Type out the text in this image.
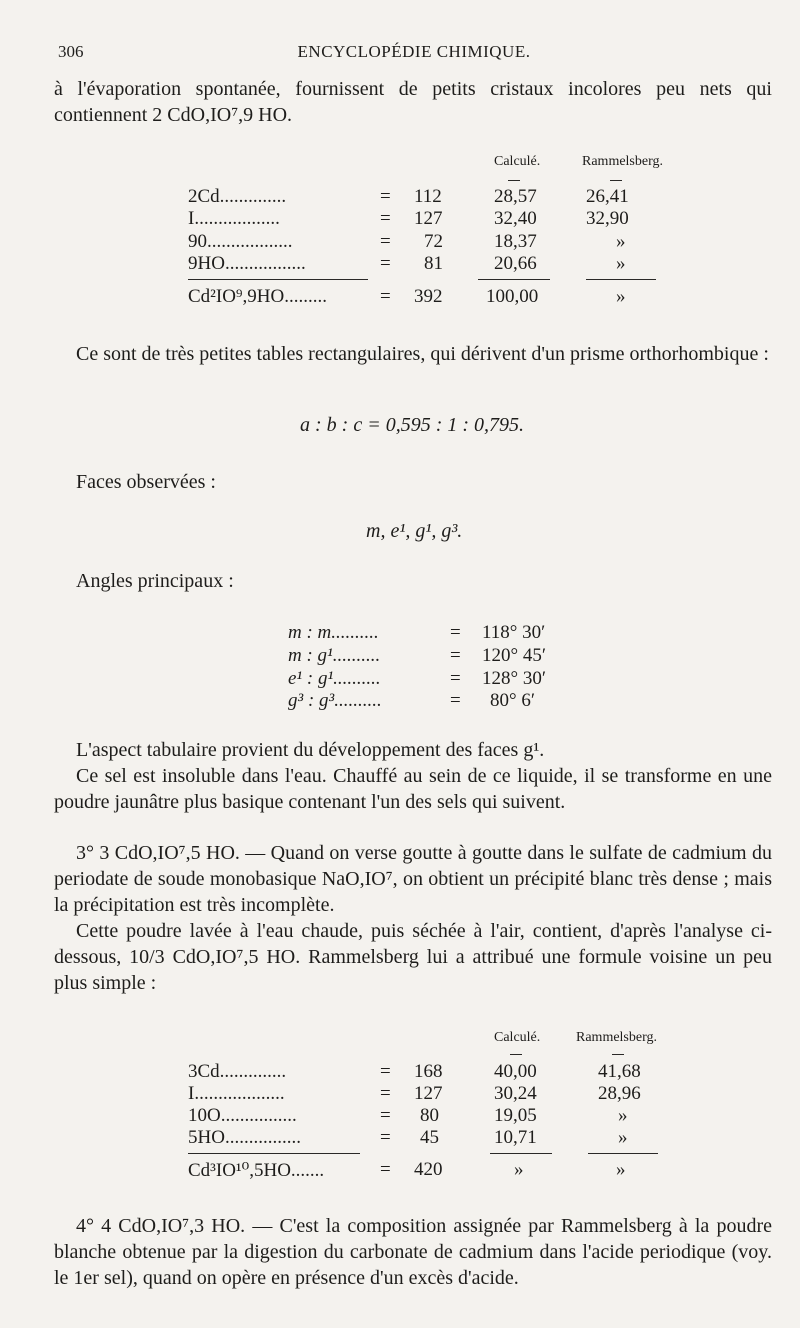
306	ENCYCLOPÉDIE CHIMIQUE.
à l'évaporation spontanée, fournissent de petits cristaux incolores peu nets qui contiennent 2 CdO,IO⁷,9 HO.
Calculé.	Rammelsberg.
2Cd..............	= 112	28,57	26,41
I..................	= 127	32,40	32,90
90..................	= 72	18,37	»
9HO.................	= 81	20,66	»
Cd²IO⁹,9HO.........	= 392 100,00	»
Ce sont de très petites tables rectangulaires, qui dérivent d'un prisme orthorhombique :
a : b : c = 0,595 : 1 : 0,795.
Faces observées :
m, e¹, g¹, g³.
Angles principaux :
m : m..........	= 118° 30′
m : g¹..........	= 120° 45′
e¹ : g¹..........	= 128° 30′
g³ : g³..........	= 80° 6′
L'aspect tabulaire provient du développement des faces g¹.
Ce sel est insoluble dans l'eau. Chauffé au sein de ce liquide, il se transforme en une poudre jaunâtre plus basique contenant l'un des sels qui suivent.
3° 3 CdO,IO⁷,5 HO. — Quand on verse goutte à goutte dans le sulfate de cadmium du periodate de soude monobasique NaO,IO⁷, on obtient un précipité blanc très dense ; mais la précipitation est très incomplète.
Cette poudre lavée à l'eau chaude, puis séchée à l'air, contient, d'après l'analyse ci-dessous, 10/3 CdO,IO⁷,5 HO. Rammelsberg lui a attribué une formule voisine un peu plus simple :
Calculé.	Rammelsberg.
3Cd..............	= 168	40,00	41,68
I...................	= 127	30,24	28,96
10O................	= 80	19,05	»
5HO................	= 45	10,71	»
Cd³IO¹⁰,5HO.......	= 420	»	»
4° 4 CdO,IO⁷,3 HO. — C'est la composition assignée par Rammelsberg à la poudre blanche obtenue par la digestion du carbonate de cadmium dans l'acide periodique (voy. le 1er sel), quand on opère en présence d'un excès d'acide.
